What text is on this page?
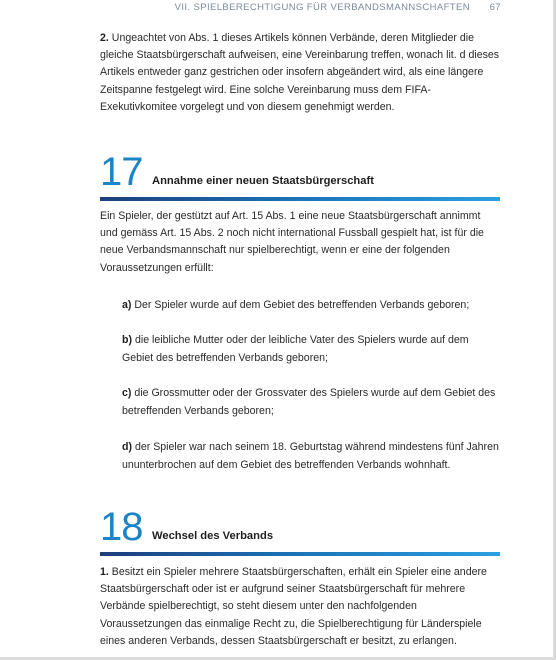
VII. SPIELBERECHTIGUNG FÜR VERBANDSMANNSCHAFTEN 67

2. Ungeachtet von Abs. 1 dieses Artikels können Verbände, deren Mitglieder die gleiche Staatsbürgerschaft aufweisen, eine Vereinbarung treffen, wonach lit. d dieses Artikels entweder ganz gestrichen oder insofern abgeändert wird, als eine längere Zeitspanne festgelegt wird. Eine solche Vereinbarung muss dem FIFA-Exekutivkomitee vorgelegt und von diesem genehmigt werden.

17 Annahme einer neuen Staatsbürgerschaft

Ein Spieler, der gestützt auf Art. 15 Abs. 1 eine neue Staatsbürgerschaft annimmt und gemäss Art. 15 Abs. 2 noch nicht international Fussball gespielt hat, ist für die neue Verbandsmannschaft nur spielberechtigt, wenn er eine der folgenden Voraussetzungen erfüllt:

a) Der Spieler wurde auf dem Gebiet des betreffenden Verbands geboren;

b) die leibliche Mutter oder der leibliche Vater des Spielers wurde auf dem Gebiet des betreffenden Verbands geboren;

c) die Grossmutter oder der Grossvater des Spielers wurde auf dem Gebiet des betreffenden Verbands geboren;

d) der Spieler war nach seinem 18. Geburtstag während mindestens fünf Jahren ununterbrochen auf dem Gebiet des betreffenden Verbands wohnhaft.

18 Wechsel des Verbands

1. Besitzt ein Spieler mehrere Staatsbürgerschaften, erhält ein Spieler eine andere Staatsbürgerschaft oder ist er aufgrund seiner Staatsbürgerschaft für mehrere Verbände spielberechtigt, so steht diesem unter den nachfolgenden Voraussetzungen das einmalige Recht zu, die Spielberechtigung für Länderspiele eines anderen Verbands, dessen Staatsbürgerschaft er besitzt, zu erlangen.
